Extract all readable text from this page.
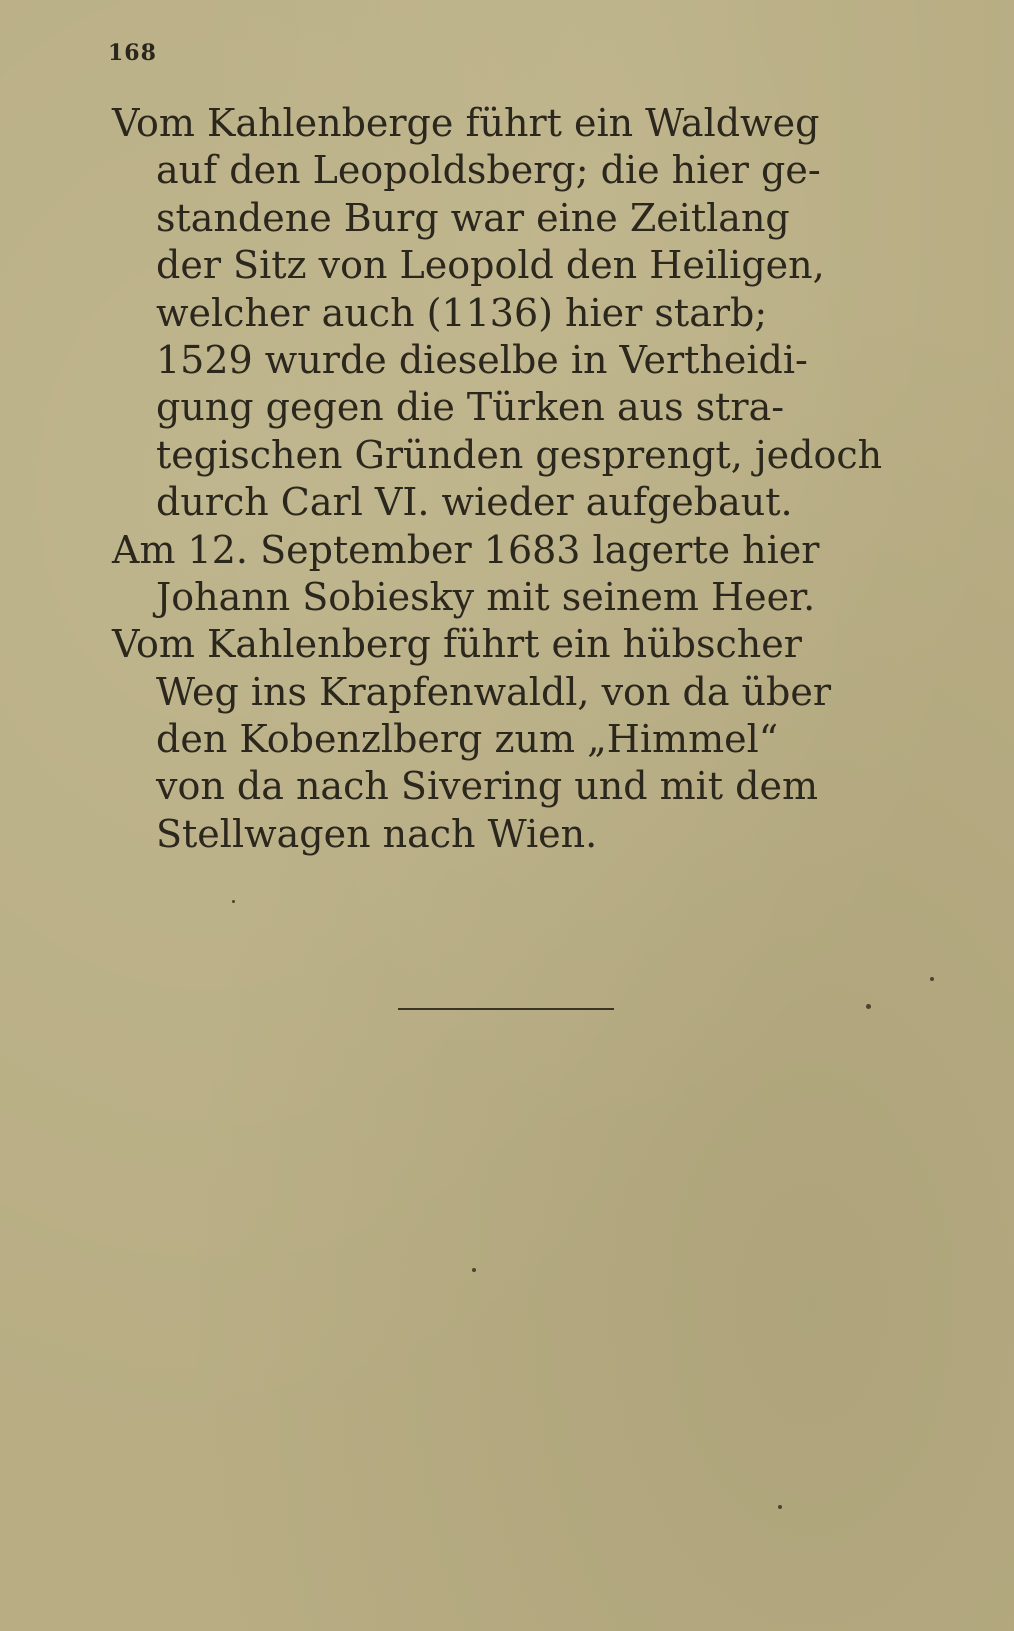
168
Vom Kahlenberge führt ein Waldweg
auf den Leopoldsberg; die hier ge-
standene Burg war eine Zeitlang
der Sitz von Leopold den Heiligen,
welcher auch (1136) hier starb;
1529 wurde dieselbe in Vertheidi-
gung gegen die Türken aus stra-
tegischen Gründen gesprengt, jedoch
durch Carl VI. wieder aufgebaut.
Am 12. September 1683 lagerte hier
Johann Sobiesky mit seinem Heer.
Vom Kahlenberg führt ein hübscher
Weg ins Krapfenwaldl, von da über
den Kobenzlberg zum „Himmel“
von da nach Sivering und mit dem
Stellwagen nach Wien.
